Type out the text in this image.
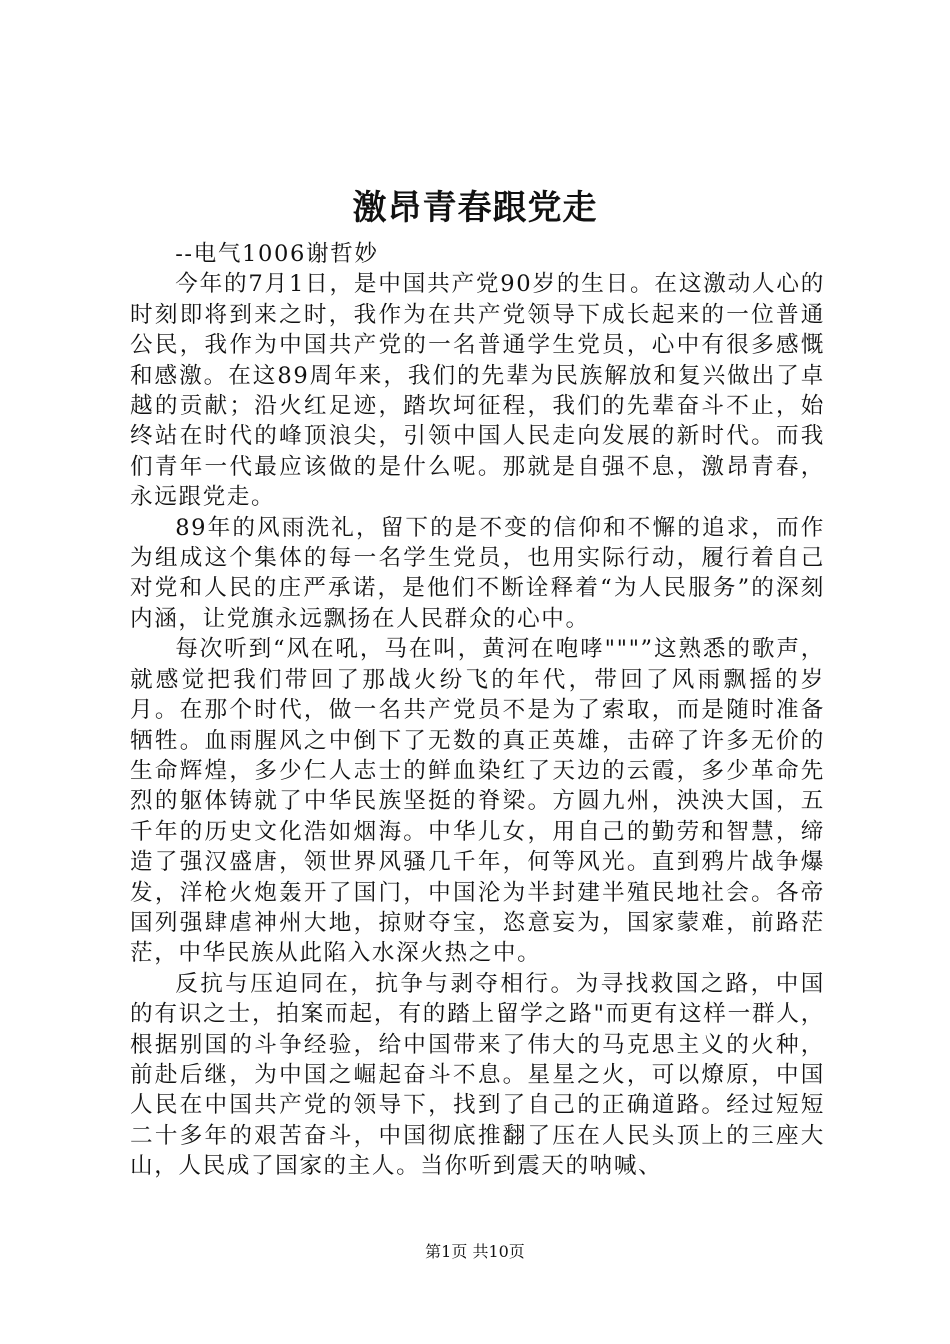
激昂青春跟党走

--电气1006谢哲妙

今年的7月1日，是中国共产党90岁的生日。在这激动人心的时刻即将到来之时，我作为在共产党领导下成长起来的一位普通公民，我作为中国共产党的一名普通学生党员，心中有很多感慨和感激。在这89周年来，我们的先辈为民族解放和复兴做出了卓越的贡献；沿火红足迹，踏坎坷征程，我们的先辈奋斗不止，始终站在时代的峰顶浪尖，引领中国人民走向发展的新时代。而我们青年一代最应该做的是什么呢。那就是自强不息，激昂青春，永远跟党走。

89年的风雨洗礼，留下的是不变的信仰和不懈的追求，而作为组成这个集体的每一名学生党员，也用实际行动，履行着自己对党和人民的庄严承诺，是他们不断诠释着“为人民服务”的深刻内涵，让党旗永远飘扬在人民群众的心中。

每次听到“风在吼，马在叫，黄河在咆哮"""”这熟悉的歌声，就感觉把我们带回了那战火纷飞的年代，带回了风雨飘摇的岁月。在那个时代，做一名共产党员不是为了索取，而是随时准备牺牲。血雨腥风之中倒下了无数的真正英雄，击碎了许多无价的生命辉煌，多少仁人志士的鲜血染红了天边的云霞，多少革命先烈的躯体铸就了中华民族坚挺的脊梁。方圆九州，泱泱大国，五千年的历史文化浩如烟海。中华儿女，用自己的勤劳和智慧，缔造了强汉盛唐，领世界风骚几千年，何等风光。直到鸦片战争爆发，洋枪火炮轰开了国门，中国沦为半封建半殖民地社会。各帝国列强肆虐神州大地，掠财夺宝，恣意妄为，国家蒙难，前路茫茫，中华民族从此陷入水深火热之中。

反抗与压迫同在，抗争与剥夺相行。为寻找救国之路，中国的有识之士，拍案而起，有的踏上留学之路"而更有这样一群人，根据别国的斗争经验，给中国带来了伟大的马克思主义的火种，前赴后继，为中国之崛起奋斗不息。星星之火，可以燎原，中国人民在中国共产党的领导下，找到了自己的正确道路。经过短短二十多年的艰苦奋斗，中国彻底推翻了压在人民头顶上的三座大山，人民成了国家的主人。当你听到震天的呐喊、

第1页 共10页
